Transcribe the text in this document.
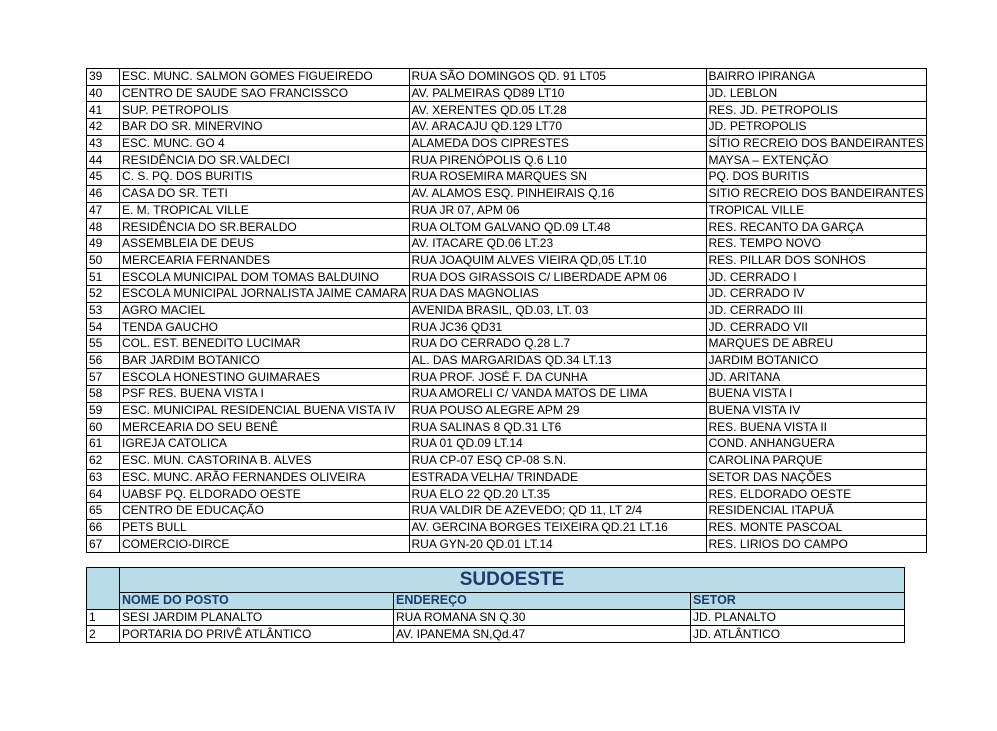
39	ESC. MUNC. SALMON GOMES FIGUEIREDO	RUA SÃO DOMINGOS QD. 91 LT05	BAIRRO IPIRANGA
40	CENTRO DE SAUDE SAO FRANCISSCO	AV. PALMEIRAS QD89 LT10	JD. LEBLON
41	SUP. PETROPOLIS	AV. XERENTES QD.05 LT.28	RES. JD. PETROPOLIS
42	BAR DO SR. MINERVINO	AV. ARACAJU QD.129 LT70	JD. PETROPOLIS
43	ESC. MUNC. GO 4	ALAMEDA DOS CIPRESTES	SÍTIO RECREIO DOS BANDEIRANTES
44	RESIDÊNCIA DO SR.VALDECI	RUA PIRENÓPOLIS Q.6 L10	MAYSA – EXTENÇÃO
45	C. S. PQ. DOS BURITIS	RUA ROSEMIRA MARQUES SN	PQ. DOS BURITIS
46	CASA DO SR. TETI	AV. ALAMOS ESQ. PINHEIRAIS Q.16	SITIO RECREIO DOS BANDEIRANTES
47	E. M. TROPICAL VILLE	RUA JR 07, APM 06	TROPICAL VILLE
48	RESIDÊNCIA DO SR.BERALDO	RUA OLTOM GALVANO QD.09 LT.48	RES. RECANTO DA GARÇA
49	ASSEMBLEIA DE DEUS	AV. ITACARE QD.06 LT.23	RES. TEMPO NOVO
50	MERCEARIA FERNANDES	RUA JOAQUIM ALVES VIEIRA QD,05 LT.10	RES. PILLAR DOS SONHOS
51	ESCOLA MUNICIPAL DOM TOMAS BALDUINO	RUA DOS GIRASSOIS C/ LIBERDADE APM 06	JD. CERRADO I
52	ESCOLA MUNICIPAL JORNALISTA JAIME CAMARA	RUA DAS MAGNOLIAS	JD. CERRADO IV
53	AGRO MACIEL	AVENIDA BRASIL, QD.03, LT. 03	JD. CERRADO III
54	TENDA GAUCHO	RUA JC36 QD31	JD. CERRADO VII
55	COL. EST. BENEDITO LUCIMAR	RUA DO CERRADO Q.28 L.7	MARQUES DE ABREU
56	BAR JARDIM BOTANICO	AL. DAS MARGARIDAS QD.34 LT.13	JARDIM BOTANICO
57	ESCOLA HONESTINO GUIMARAES	RUA PROF. JOSÉ F. DA CUNHA	JD. ARITANA
58	PSF RES. BUENA VISTA I	RUA AMORELI C/ VANDA MATOS DE LIMA	BUENA VISTA I
59	ESC. MUNICIPAL RESIDENCIAL BUENA VISTA IV	RUA POUSO ALEGRE APM 29	BUENA VISTA IV
60	MERCEARIA DO SEU BENÊ	RUA SALINAS 8 QD.31 LT6	RES. BUENA VISTA II
61	IGREJA CATOLICA	RUA 01 QD.09 LT.14	COND. ANHANGUERA
62	ESC. MUN. CASTORINA B. ALVES	RUA CP-07 ESQ CP-08 S.N.	CAROLINA PARQUE
63	ESC. MUNC. ARÃO FERNANDES OLIVEIRA	ESTRADA VELHA/ TRINDADE	SETOR DAS NAÇÕES
64	UABSF PQ. ELDORADO OESTE	RUA ELO 22 QD.20 LT.35	RES. ELDORADO OESTE
65	CENTRO DE EDUCAÇÃO	RUA VALDIR DE AZEVEDO; QD 11, LT 2/4	RESIDENCIAL ITAPUÃ
66	PETS BULL	AV. GERCINA BORGES TEIXEIRA QD.21 LT.16	RES. MONTE PASCOAL
67	COMERCIO-DIRCE	RUA GYN-20 QD.01 LT.14	RES. LIRIOS DO CAMPO
	SUDOESTE		
	NOME DO POSTO	ENDEREÇO	SETOR
1	SESI JARDIM PLANALTO	RUA ROMANA SN Q.30	JD. PLANALTO
2	PORTARIA DO PRIVÊ ATLÂNTICO	AV. IPANEMA SN,Qd.47	JD. ATLÂNTICO
